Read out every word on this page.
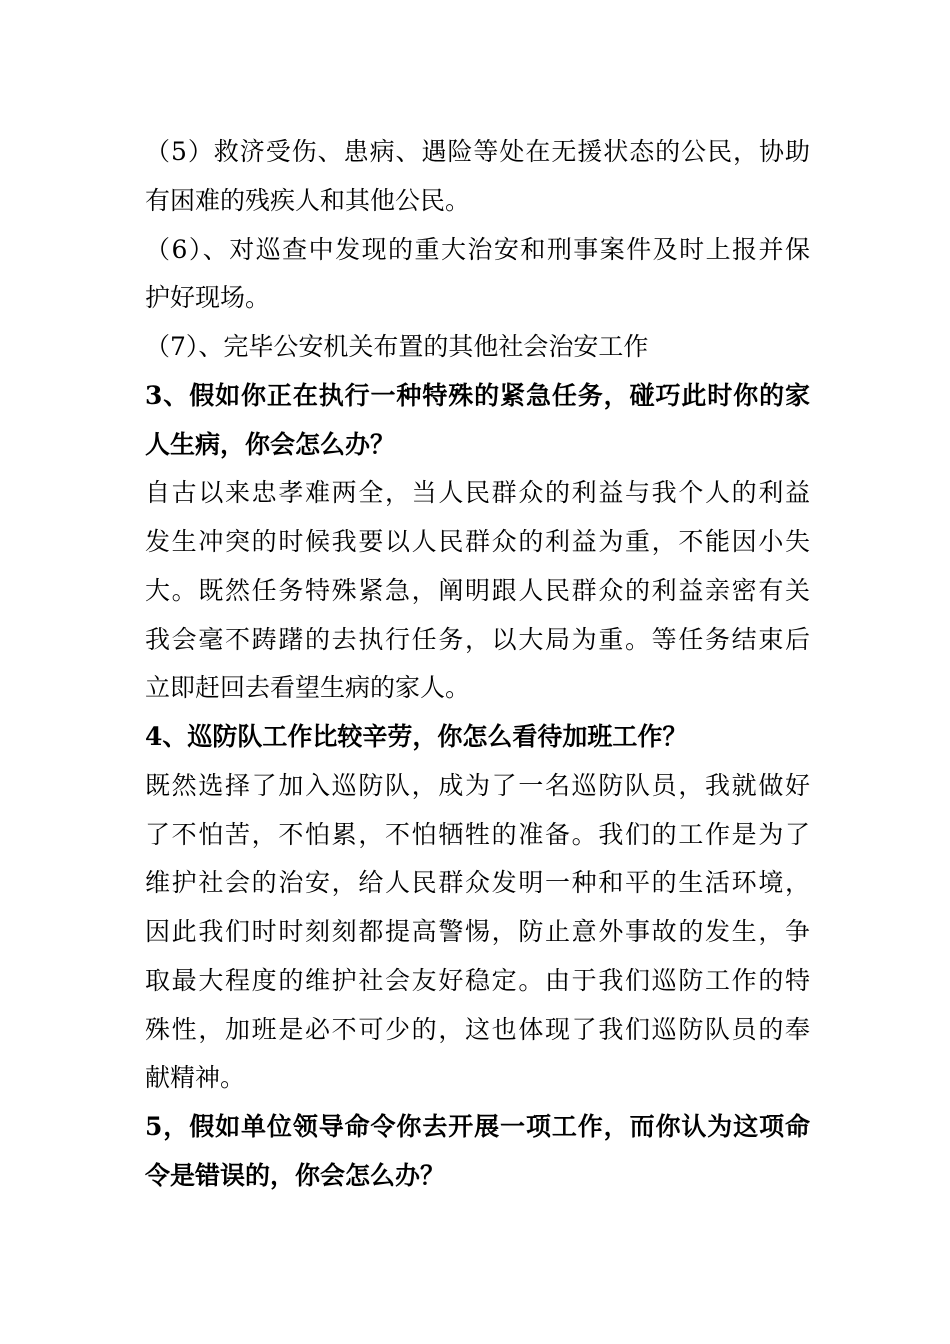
（5）救济受伤、患病、遇险等处在无援状态的公民，协助
有困难的残疾人和其他公民。
（6）、对巡查中发现的重大治安和刑事案件及时上报并保
护好现场。
（7）、完毕公安机关布置的其他社会治安工作
3、假如你正在执行一种特殊的紧急任务，碰巧此时你的家
人生病，你会怎么办？
自古以来忠孝难两全，当人民群众的利益与我个人的利益
发生冲突的时候我要以人民群众的利益为重，不能因小失
大。既然任务特殊紧急，阐明跟人民群众的利益亲密有关
我会毫不踌躇的去执行任务，以大局为重。等任务结束后
立即赶回去看望生病的家人。
4、巡防队工作比较辛劳，你怎么看待加班工作？
既然选择了加入巡防队，成为了一名巡防队员，我就做好
了不怕苦，不怕累，不怕牺牲的准备。我们的工作是为了
维护社会的治安，给人民群众发明一种和平的生活环境，
因此我们时时刻刻都提高警惕，防止意外事故的发生，争
取最大程度的维护社会友好稳定。由于我们巡防工作的特
殊性，加班是必不可少的，这也体现了我们巡防队员的奉
献精神。
5，假如单位领导命令你去开展一项工作，而你认为这项命
令是错误的，你会怎么办？
